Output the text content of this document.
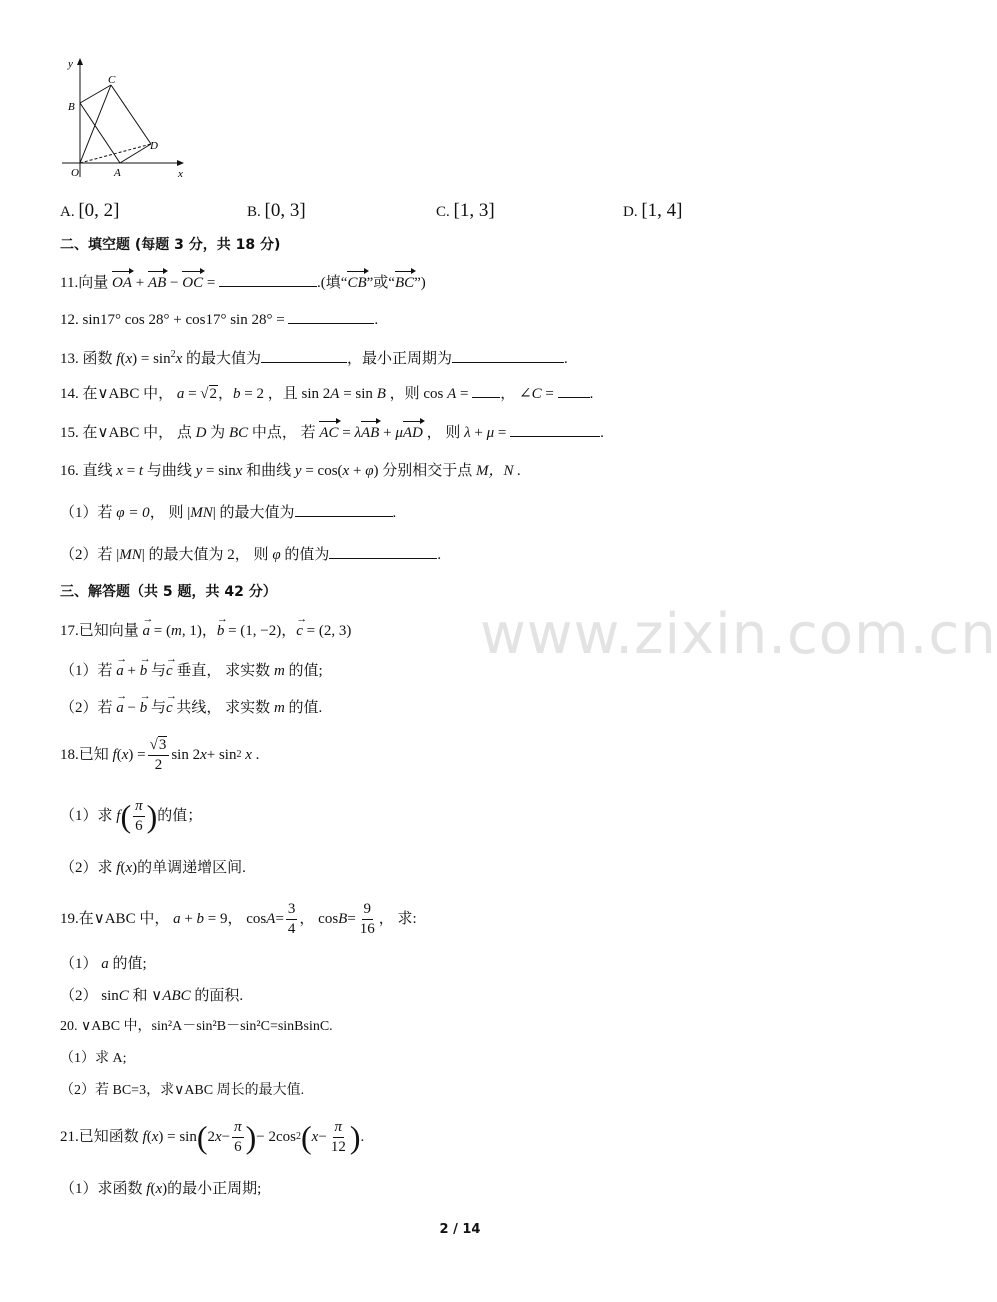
y
x
O	A
B
C
D
A. [0, 2]	B. [0, 3]	C. [1, 3]	D. [1, 4]
二、填空题 (每题 3 分，共 18 分)
11.向量 OA + AB − OC =	.(填“CB”或“BC”)
12. sin17° cos 28° + cos17° sin 28° =	.
13. 函数 $f(x) = \sin^2x$ 的最大值为	，最小正周期为	.
14. 在∨ABC 中， a = √2，b = 2 ，且 sin 2A = sin B ，则 cos A = ， ∠C = .
15. 在∨ABC 中， 点 D 为 BC 中点， 若 AC = λAB + μAD ， 则 λ + μ =	.
16. 直线 x = t 与曲线 y = sinx 和曲线 y = cos(x + φ) 分别相交于点 M，N .
（1）若 φ = 0， 则 |MN| 的最大值为	.
（2）若 |MN| 的最大值为 2， 则 φ 的值为	.
三、解答题（共 5 题，共 42 分）
17.已知向量 → a = (m, 1)，→ b = (1, −2)，→ c = (2, 3)
（1）若 → a + → b 与→ c 垂直， 求实数 m 的值;
（2）若 → a − → b 与→ c 共线， 求实数 m 的值.
18. 已知
f ( x ) = $\frac{√3}{2}$ sin 2 x + sin 2
x .
（1）求
f ( $\frac{\pi}{6}$ ) 的值；
（2）求 f(x)的单调递增区间.
19. 在∨ABC 中，
a + b = 9， $\cos A = \frac{3}{4}$ ， $\cos B = \frac{9}{16}$ ， 求:
（1） a 的值;
（2） sinC 和 ∨ABC 的面积.
20. ∨ABC 中，sin²A－sin²B－sin²C=sinBsinC.
（1）求 A;
（2）若 BC=3，求∨ABC 周长的最大值.
21. 已知函数
f ( x ) = sin ( 2 $x - \frac{\pi}{6}$ ) − 2cos 2 ( $x - \frac{\pi}{12}$ ) .
（1）求函数 f(x)的最小正周期;
www.zixin.com.cn
2 / 14
